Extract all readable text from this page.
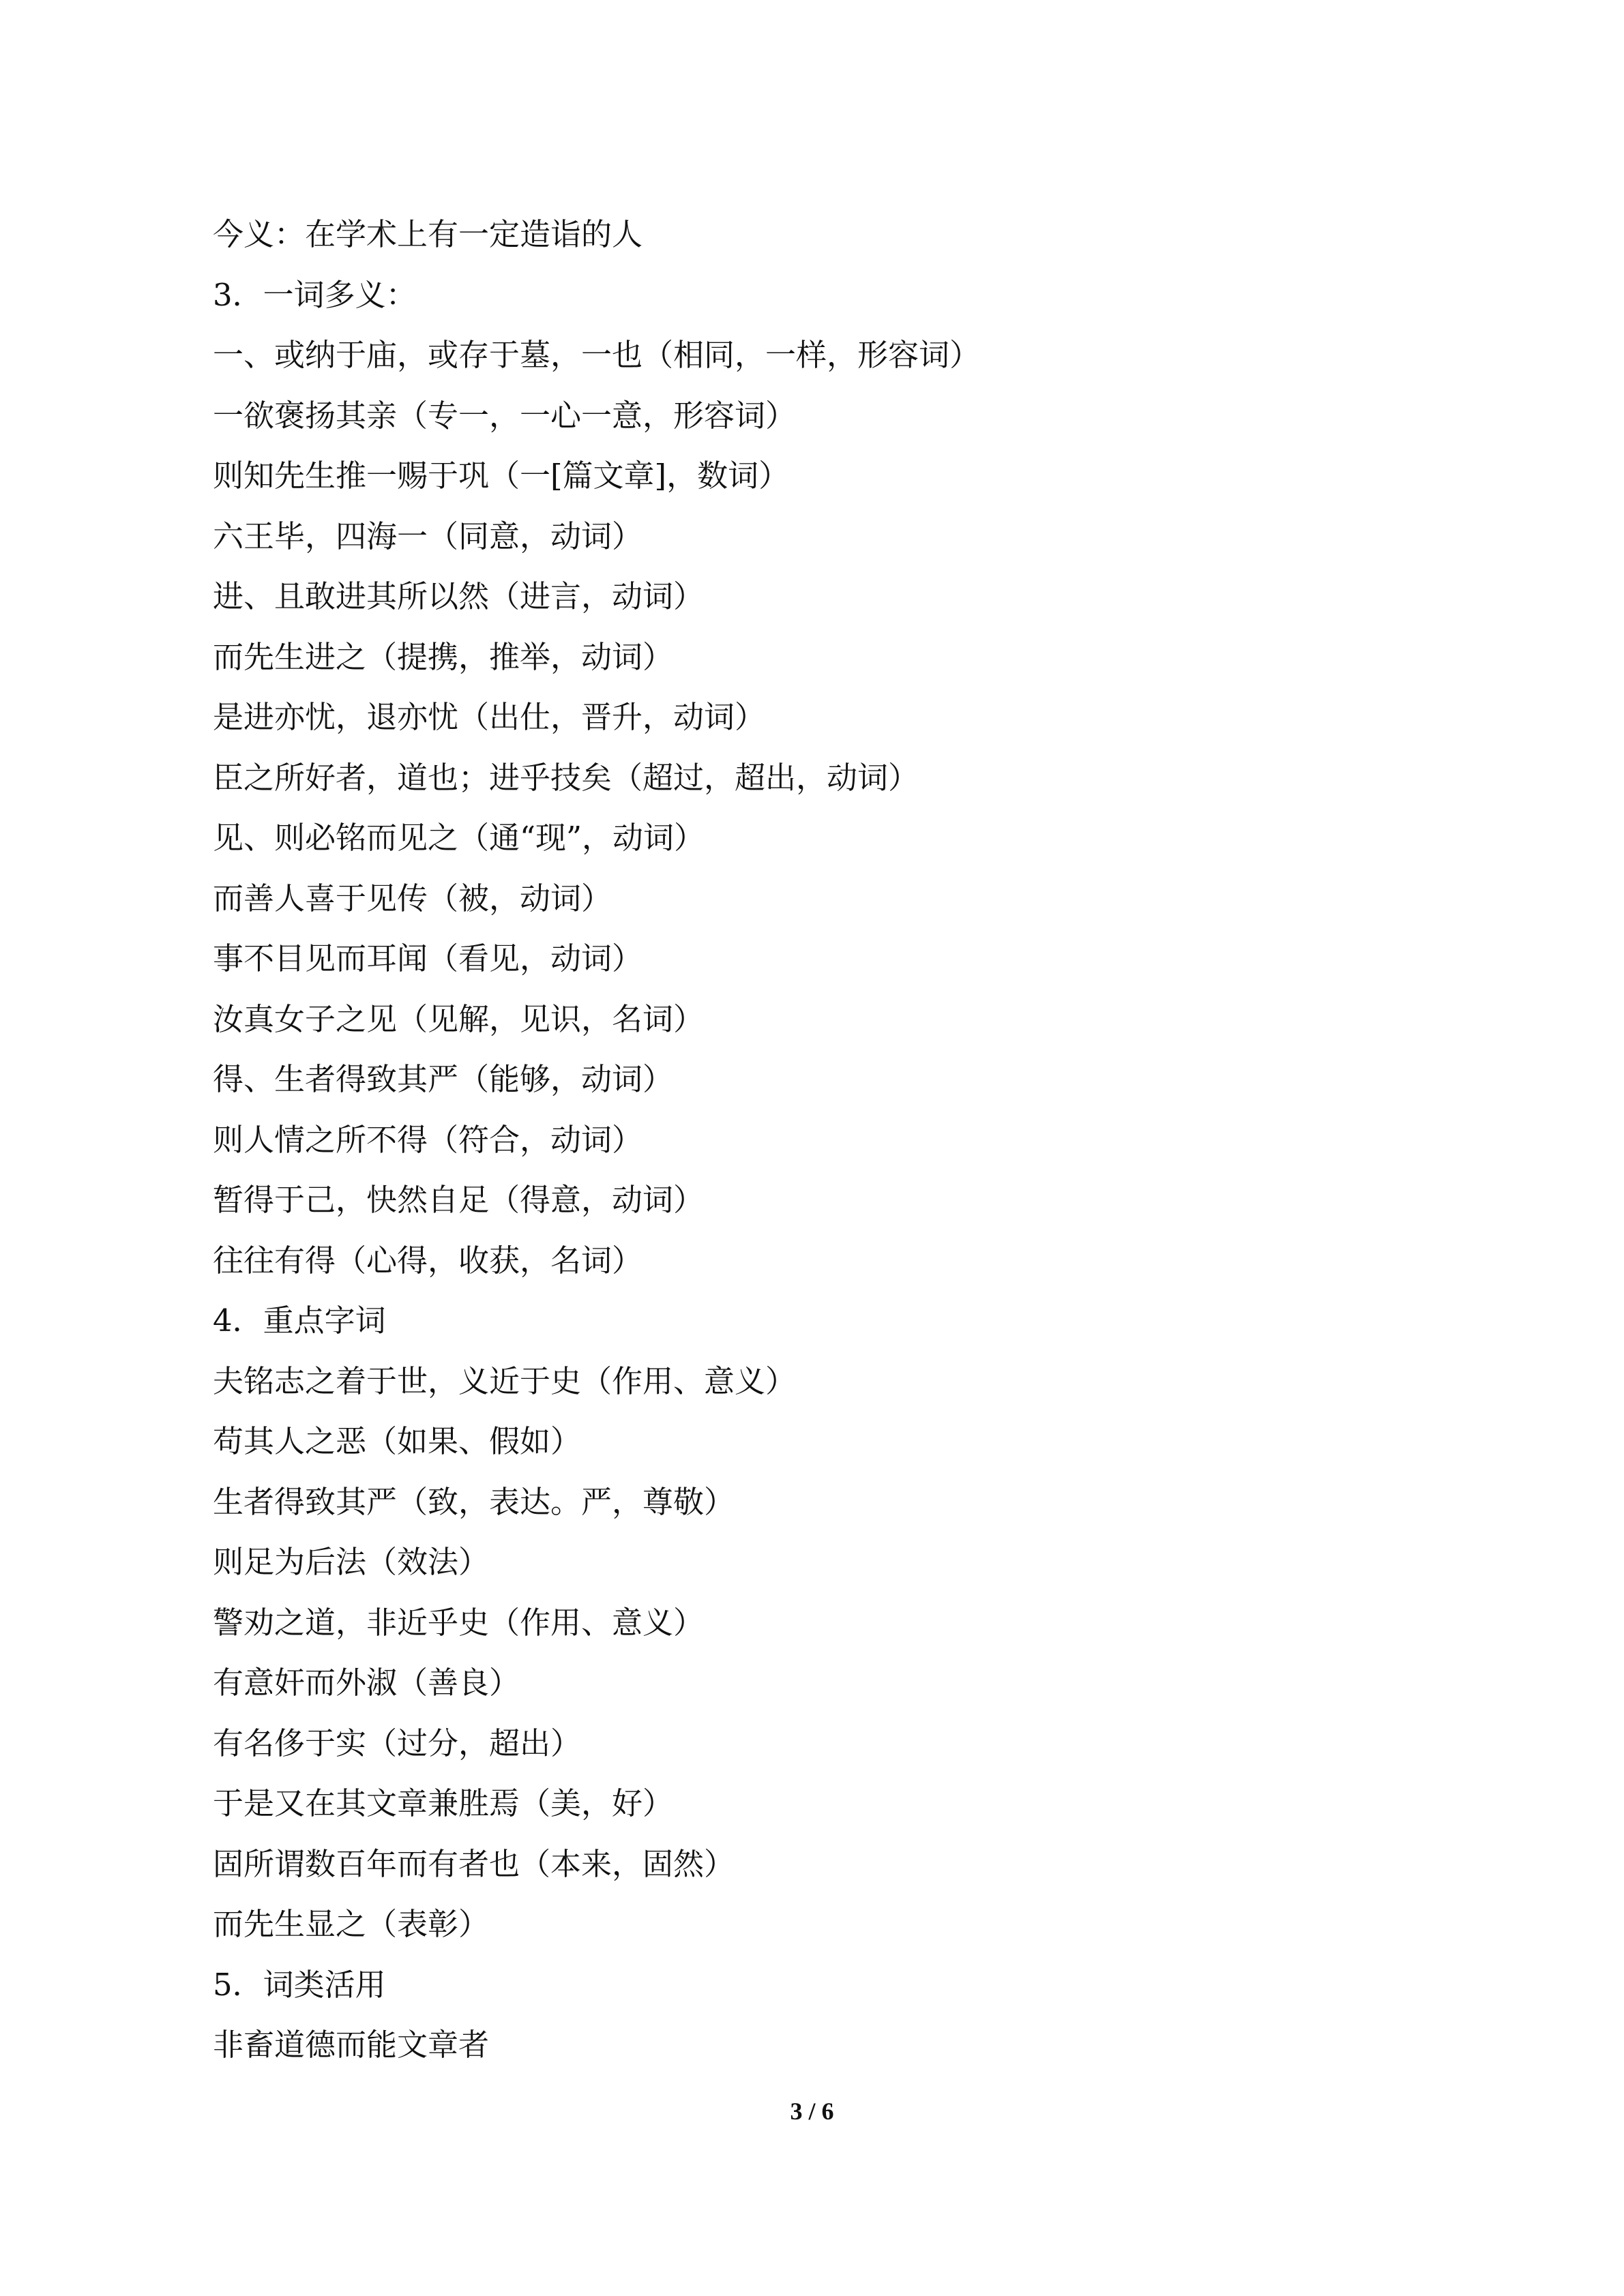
今义：在学术上有一定造诣的人
3．一词多义：
一、或纳于庙，或存于墓，一也（相同，一样，形容词）
一欲褒扬其亲（专一，一心一意，形容词）
则知先生推一赐于巩（一[篇文章]，数词）
六王毕，四海一（同意，动词）
进、且敢进其所以然（进言，动词）
而先生进之（提携，推举，动词）
是进亦忧，退亦忧（出仕，晋升，动词）
臣之所好者，道也；进乎技矣（超过，超出，动词）
见、则必铭而见之（通“现”，动词）
而善人喜于见传（被，动词）
事不目见而耳闻（看见，动词）
汝真女子之见（见解，见识，名词）
得、生者得致其严（能够，动词）
则人情之所不得（符合，动词）
暂得于己，快然自足（得意，动词）
往往有得（心得，收获，名词）
4．重点字词
夫铭志之着于世，义近于史（作用、意义）
苟其人之恶（如果、假如）
生者得致其严（致，表达。严，尊敬）
则足为后法（效法）
警劝之道，非近乎史（作用、意义）
有意奸而外淑（善良）
有名侈于实（过分，超出）
于是又在其文章兼胜焉（美，好）
固所谓数百年而有者也（本来，固然）
而先生显之（表彰）
5．词类活用
非畜道德而能文章者
3 / 6
